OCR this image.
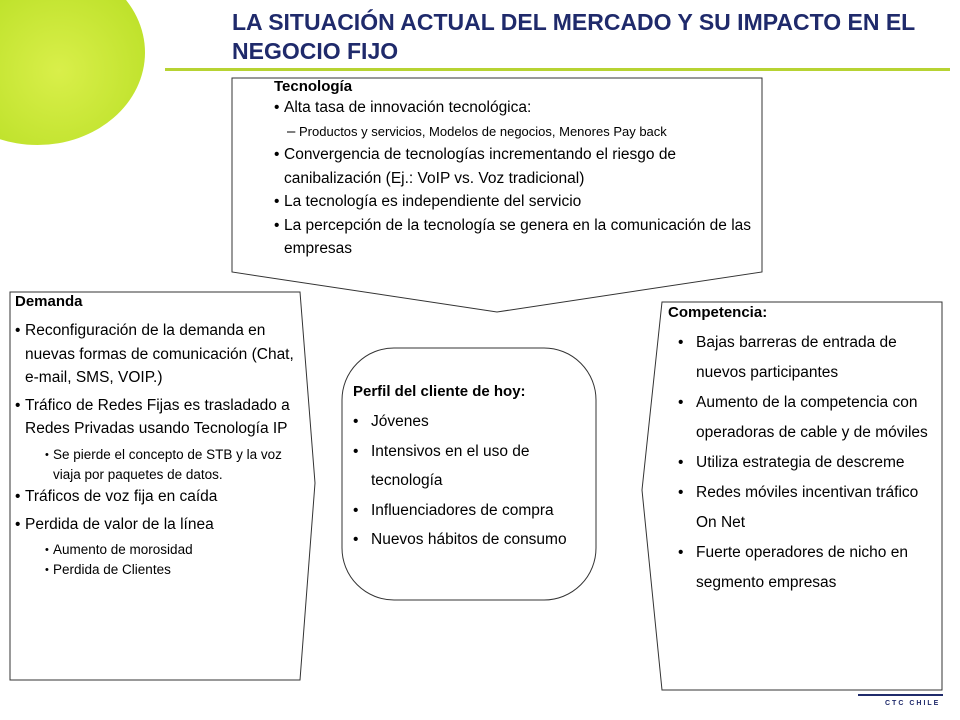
LA SITUACIÓN ACTUAL DEL MERCADO Y SU IMPACTO EN EL NEGOCIO FIJO
Tecnología
• Alta tasa de innovación tecnológica:
– Productos y servicios, Modelos de negocios, Menores Pay back
• Convergencia de tecnologías incrementando el riesgo de canibalización (Ej.: VoIP vs. Voz tradicional)
• La tecnología es independiente del servicio
• La percepción de la tecnología se genera en la comunicación de las empresas
Demanda
• Reconfiguración de la demanda en nuevas formas de comunicación (Chat, e-mail, SMS, VOIP.)
• Tráfico de Redes Fijas es trasladado a Redes Privadas usando Tecnología IP
• Se pierde el concepto de STB y la voz viaja por paquetes de datos.
• Tráficos de voz fija en caída
• Perdida de valor de la línea
• Aumento de morosidad
• Perdida de Clientes
Competencia:
• Bajas barreras de entrada de nuevos participantes
• Aumento de la competencia con operadoras de cable y de móviles
• Utiliza estrategia de descreme
• Redes móviles incentivan tráfico On Net
• Fuerte operadores de nicho en segmento empresas
Perfil del cliente de hoy:
• Jóvenes
• Intensivos en el uso de tecnología
• Influenciadores de compra
• Nuevos hábitos de consumo
CTC CHILE
